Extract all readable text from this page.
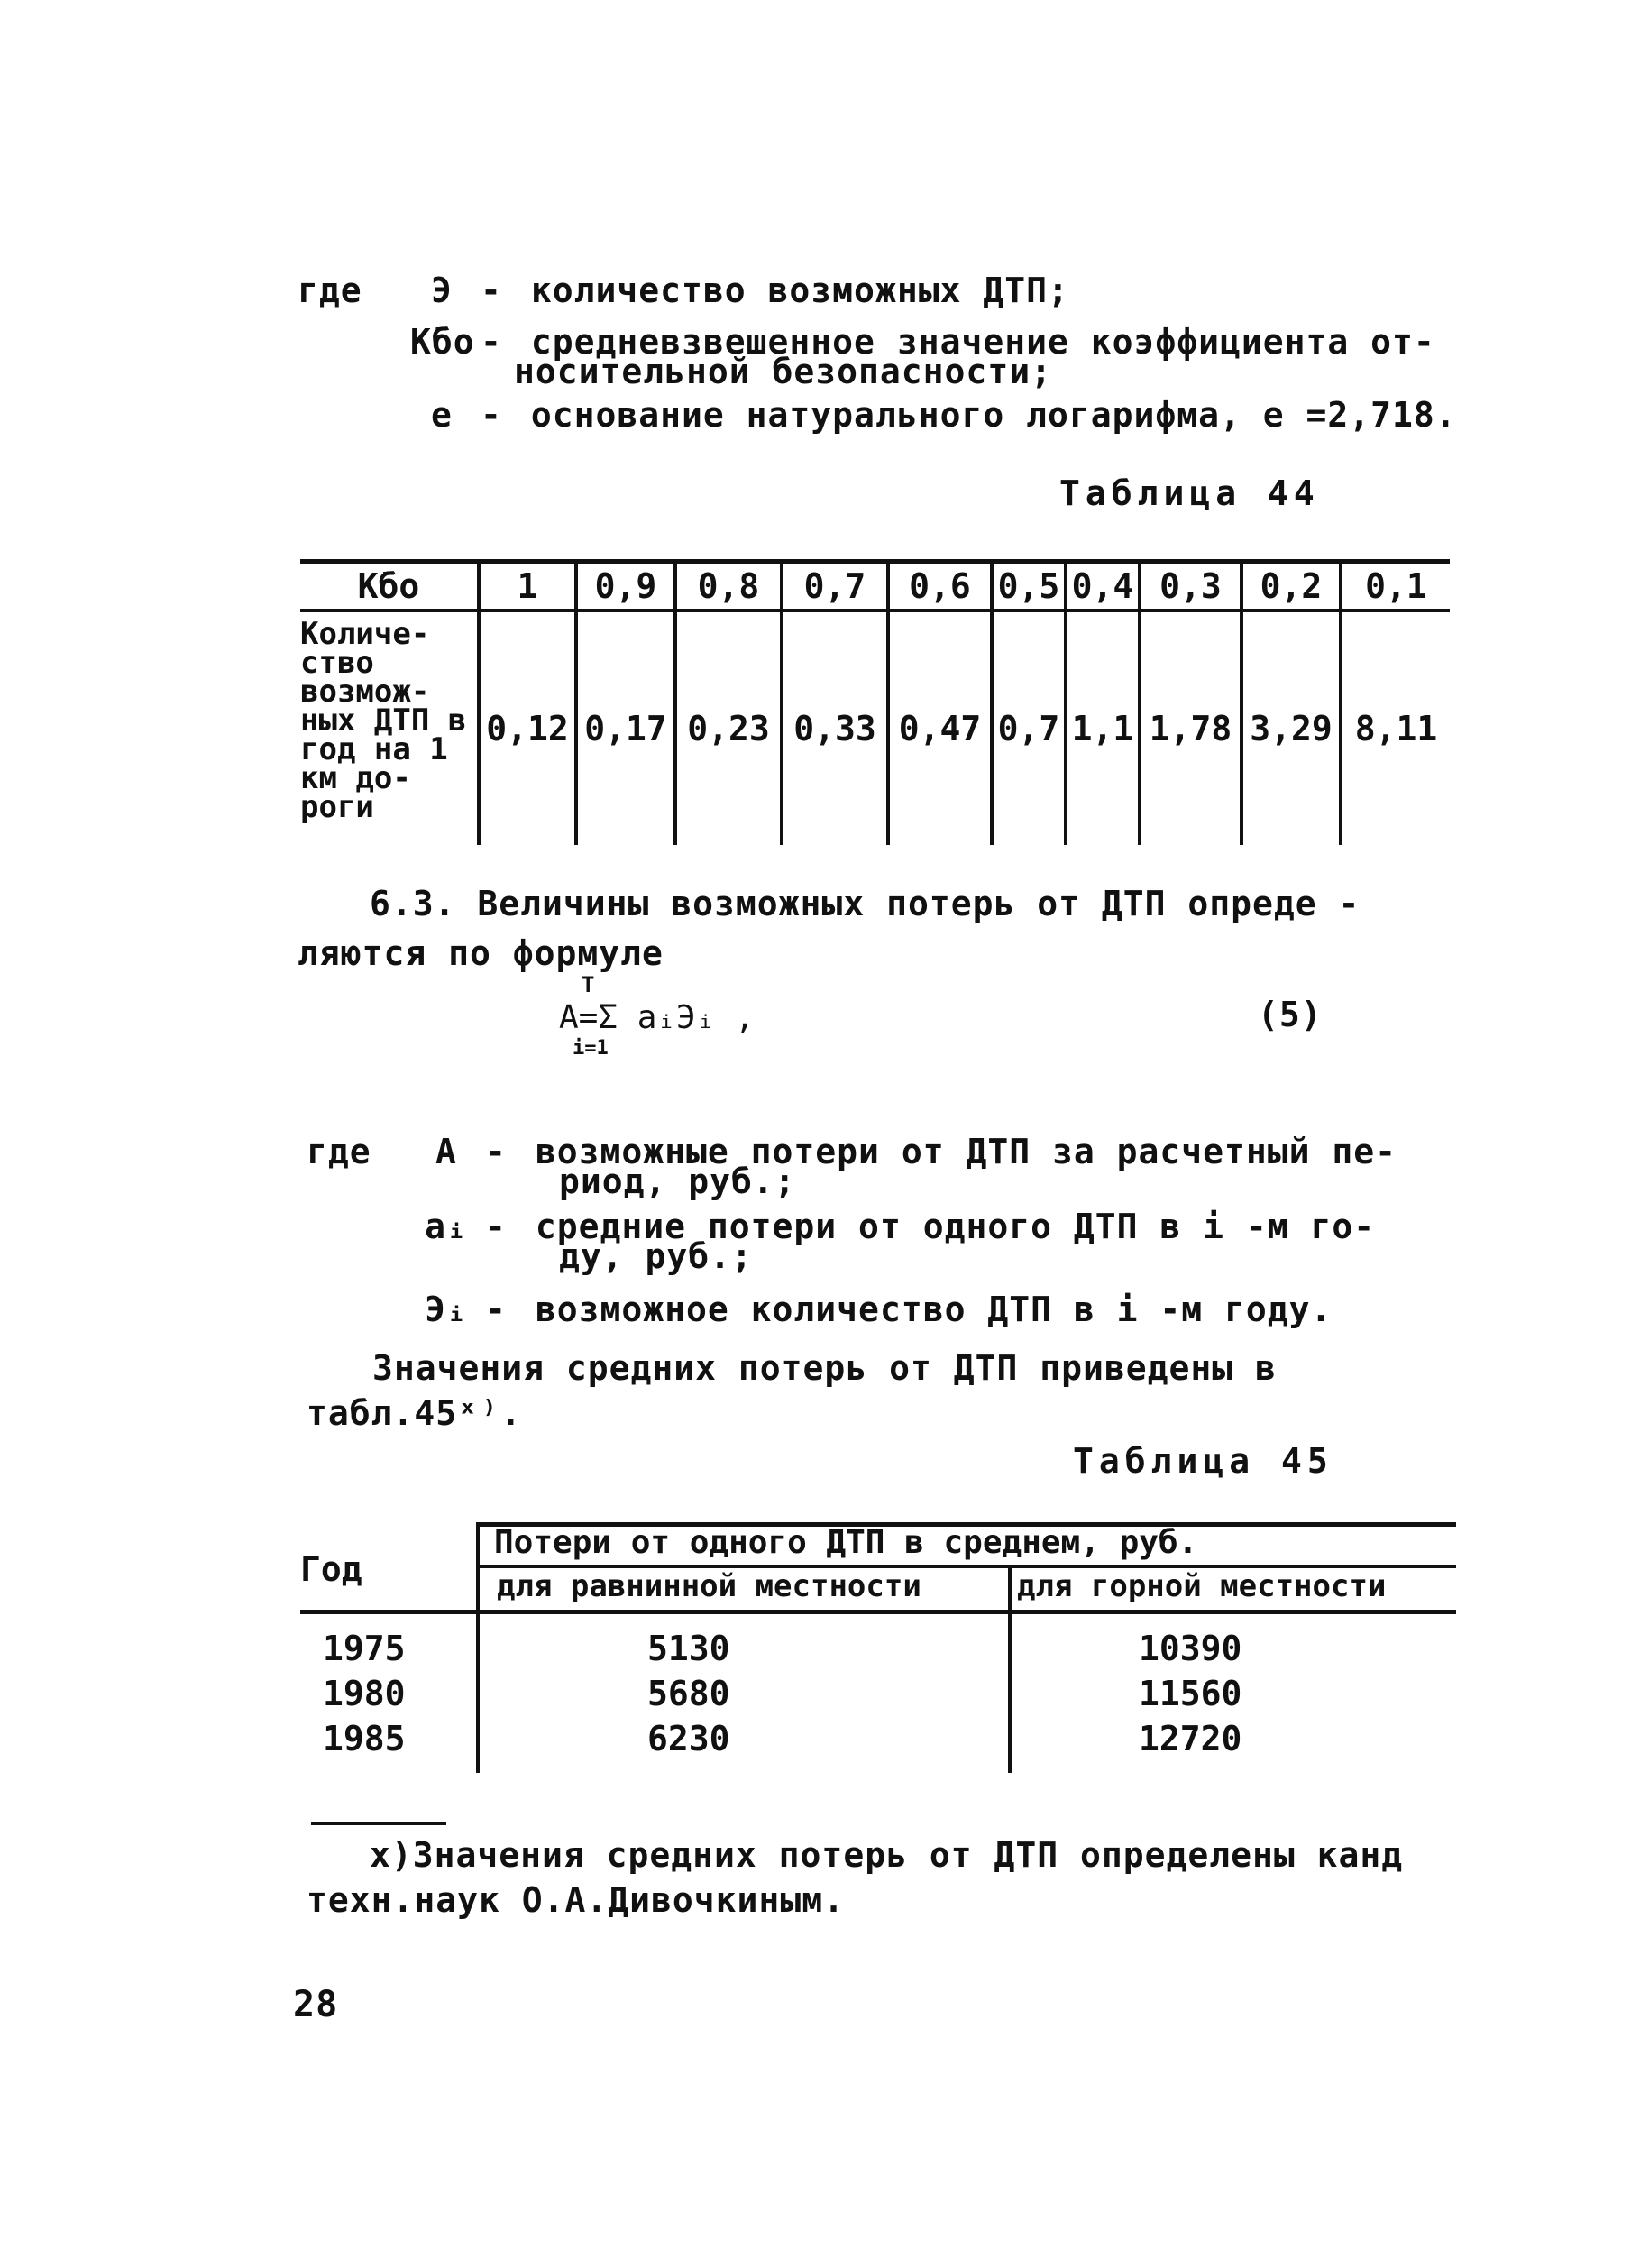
где	Э - количество возможных ДТП;
К̄бо - средневзвешенное значение коэффициента от-
носительной безопасности;
е - основание натурального логарифма, е =2,718.
Таблица 44
К̄бо	1	0,9	0,8	0,7	0,6	0,5	0,4	0,3	0,2	0,1
Количе- ство возмож- ных ДТП в год на 1 км до- роги	0,12	0,17	0,23	0,33	0,47	0,7	1,1	1,78	3,29	8,11
6.3. Величины возможных потерь от ДТП опреде -
ляются по формуле
Т
А=Σ aᵢЭᵢ ,
i=1
(5)
где	А - возможные потери от ДТП за расчетный пе-
риод, руб.;
aᵢ - средние потери от одного ДТП в i -м го-
ду, руб.;
Эᵢ - возможное количество ДТП в i -м году.
Значения средних потерь от ДТП приведены в
табл.45ˣ⁾.
Таблица 45
Год
Потери от одного ДТП в среднем, руб.
для равнинной местности	для горной местности
1975	5130	10390
1980	5680	11560
1985	6230	12720
х)Значения средних потерь от ДТП определены канд
техн.наук О.А.Дивочкиным.
28
